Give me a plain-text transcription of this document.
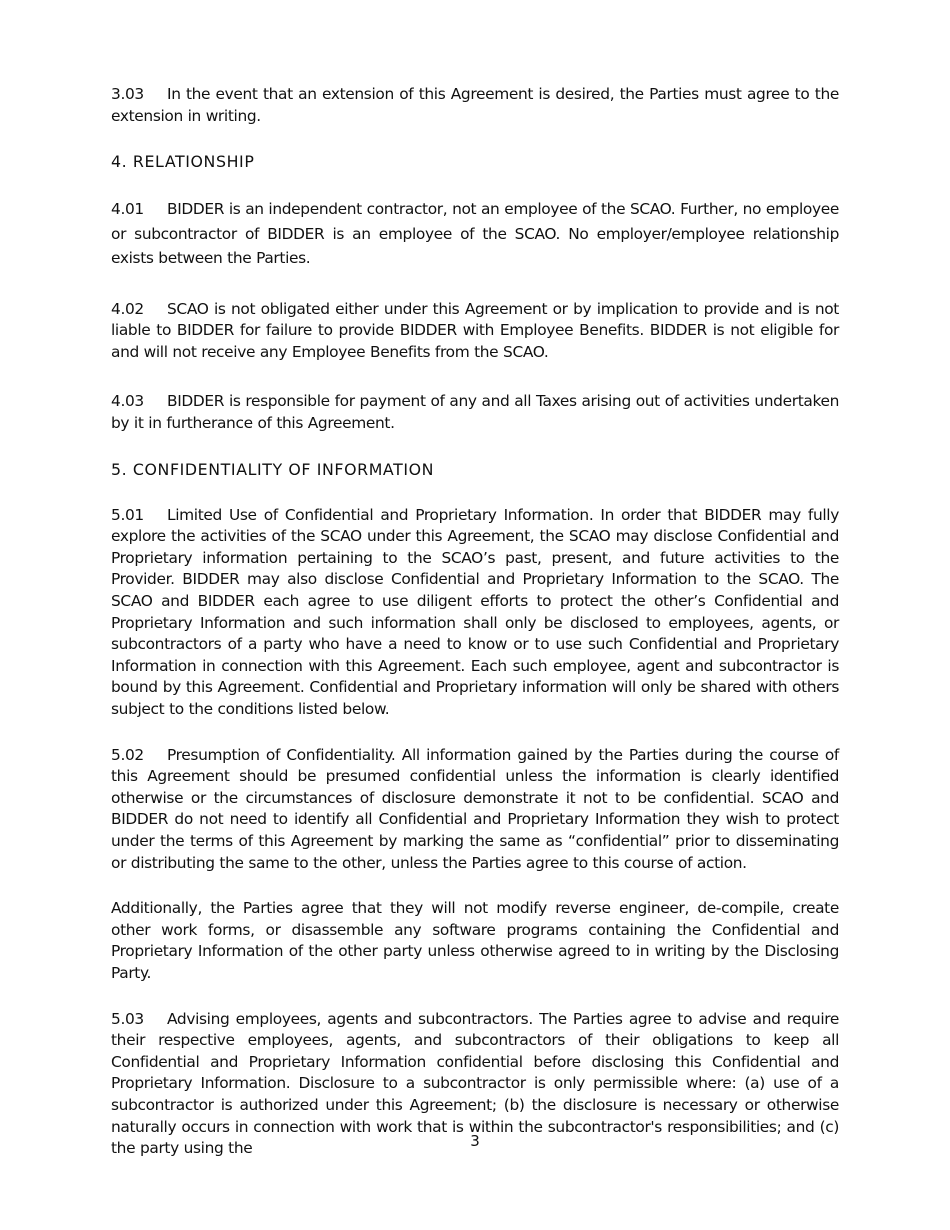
3.03 In the event that an extension of this Agreement is desired, the Parties must agree to the extension in writing.

4. RELATIONSHIP

4.01 BIDDER is an independent contractor, not an employee of the SCAO. Further, no employee or subcontractor of BIDDER is an employee of the SCAO. No employer/employee relationship exists between the Parties.

4.02 SCAO is not obligated either under this Agreement or by implication to provide and is not liable to BIDDER for failure to provide BIDDER with Employee Benefits. BIDDER is not eligible for and will not receive any Employee Benefits from the SCAO.

4.03 BIDDER is responsible for payment of any and all Taxes arising out of activities undertaken by it in furtherance of this Agreement.

5. CONFIDENTIALITY OF INFORMATION

5.01 Limited Use of Confidential and Proprietary Information. In order that BIDDER may fully explore the activities of the SCAO under this Agreement, the SCAO may disclose Confidential and Proprietary information pertaining to the SCAO’s past, present, and future activities to the Provider. BIDDER may also disclose Confidential and Proprietary Information to the SCAO. The SCAO and BIDDER each agree to use diligent efforts to protect the other’s Confidential and Proprietary Information and such information shall only be disclosed to employees, agents, or subcontractors of a party who have a need to know or to use such Confidential and Proprietary Information in connection with this Agreement. Each such employee, agent and subcontractor is bound by this Agreement. Confidential and Proprietary information will only be shared with others subject to the conditions listed below.

5.02 Presumption of Confidentiality. All information gained by the Parties during the course of this Agreement should be presumed confidential unless the information is clearly identified otherwise or the circumstances of disclosure demonstrate it not to be confidential. SCAO and BIDDER do not need to identify all Confidential and Proprietary Information they wish to protect under the terms of this Agreement by marking the same as “confidential” prior to disseminating or distributing the same to the other, unless the Parties agree to this course of action.

Additionally, the Parties agree that they will not modify reverse engineer, de-compile, create other work forms, or disassemble any software programs containing the Confidential and Proprietary Information of the other party unless otherwise agreed to in writing by the Disclosing Party.

5.03 Advising employees, agents and subcontractors. The Parties agree to advise and require their respective employees, agents, and subcontractors of their obligations to keep all Confidential and Proprietary Information confidential before disclosing this Confidential and Proprietary Information. Disclosure to a subcontractor is only permissible where: (a) use of a subcontractor is authorized under this Agreement; (b) the disclosure is necessary or otherwise naturally occurs in connection with work that is within the subcontractor's responsibilities; and (c) the party using the	3
